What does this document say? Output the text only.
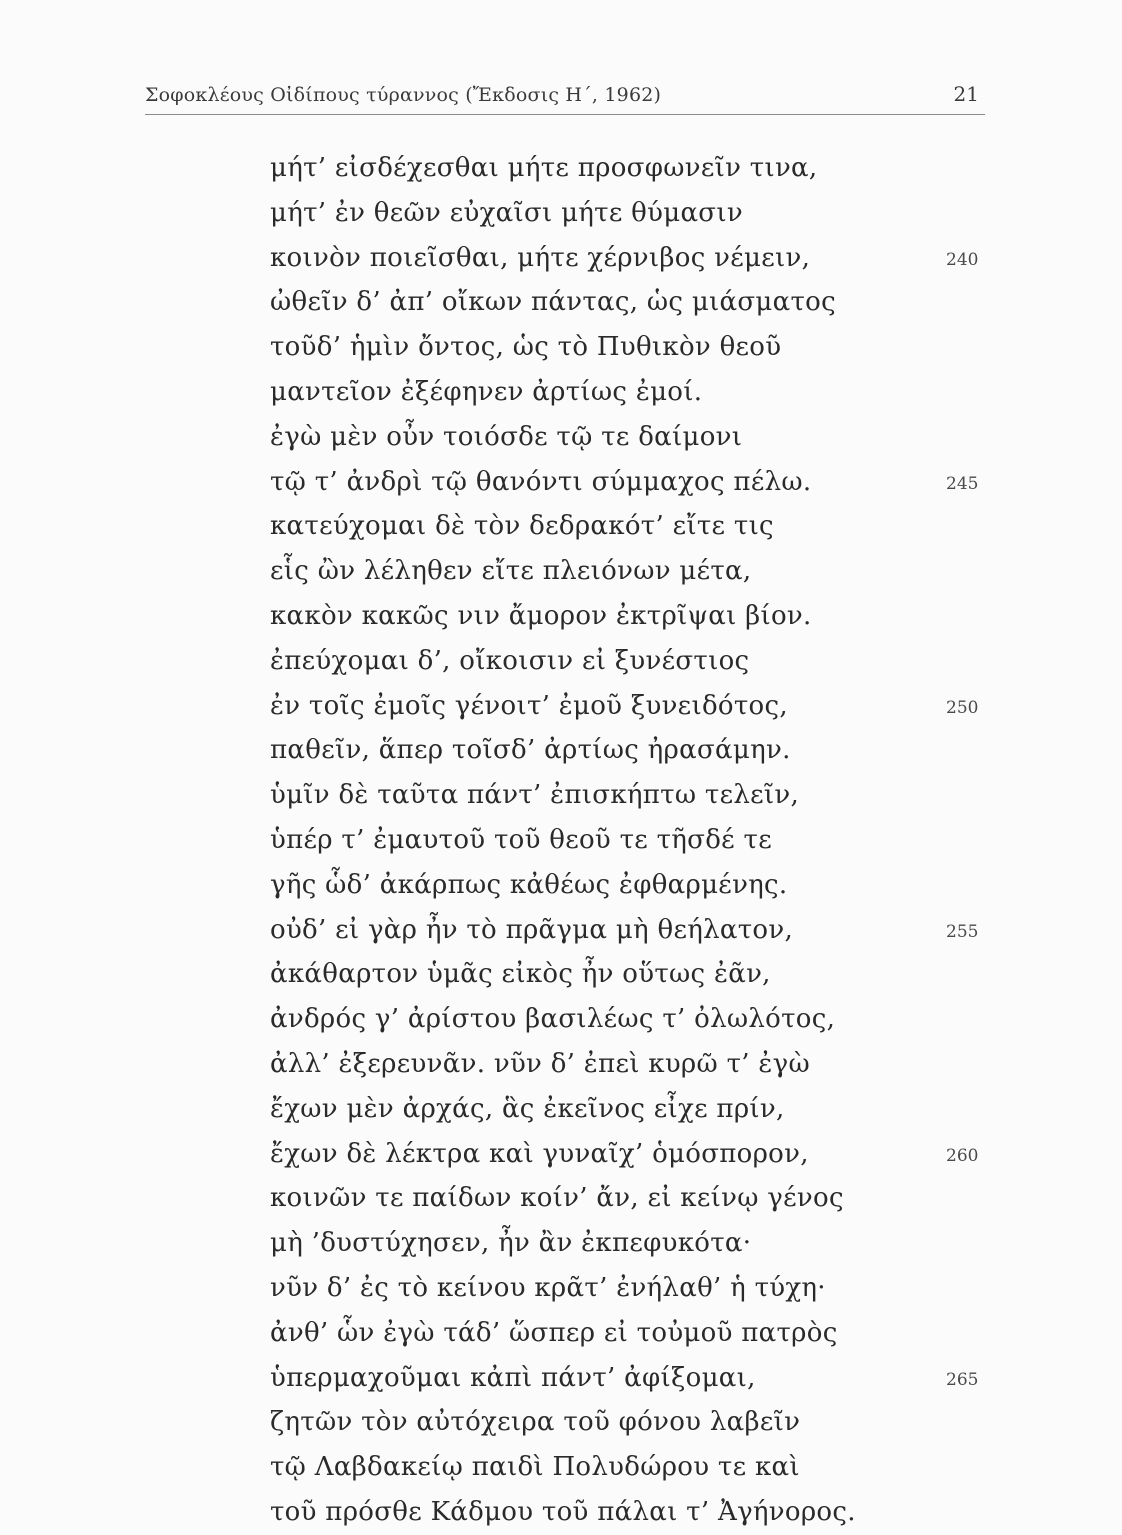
Σοφοκλέους Οἰδίπους τύραννος (Ἔκδοσις Η΄, 1962)	21
μήτ’ εἰσδέχεσθαι μήτε προσφωνεῖν τινα,
μήτ’ ἐν θεῶν εὐχαῖσι μήτε θύμασιν
κοινὸν ποιεῖσθαι, μήτε χέρνιβος νέμειν,	240
ὠθεῖν δ’ ἀπ’ οἴκων πάντας, ὡς μιάσματος
τοῦδ’ ἡμὶν ὄντος, ὡς τὸ Πυθικὸν θεοῦ
μαντεῖον ἐξέφηνεν ἀρτίως ἐμοί.
ἐγὼ μὲν οὖν τοιόσδε τῷ τε δαίμονι
τῷ τ’ ἀνδρὶ τῷ θανόντι σύμμαχος πέλω.	245
κατεύχομαι δὲ τὸν δεδρακότ’ εἴτε τις
εἷς ὢν λέληθεν εἴτε πλειόνων μέτα,
κακὸν κακῶς νιν ἄμορον ἐκτρῖψαι βίον.
ἐπεύχομαι δ’, οἴκοισιν εἰ ξυνέστιος
ἐν τοῖς ἐμοῖς γένοιτ’ ἐμοῦ ξυνειδότος,	250
παθεῖν, ἅπερ τοῖσδ’ ἀρτίως ἠρασάμην.
ὑμῖν δὲ ταῦτα πάντ’ ἐπισκήπτω τελεῖν,
ὑπέρ τ’ ἐμαυτοῦ τοῦ θεοῦ τε τῆσδέ τε
γῆς ὧδ’ ἀκάρπως κἀθέως ἐφθαρμένης.
οὐδ’ εἰ γὰρ ἦν τὸ πρᾶγμα μὴ θεήλατον,	255
ἀκάθαρτον ὑμᾶς εἰκὸς ἦν οὕτως ἐᾶν,
ἀνδρός γ’ ἀρίστου βασιλέως τ’ ὀλωλότος,
ἀλλ’ ἐξερευνᾶν. νῦν δ’ ἐπεὶ κυρῶ τ’ ἐγὼ
ἔχων μὲν ἀρχάς, ἃς ἐκεῖνος εἶχε πρίν,
ἔχων δὲ λέκτρα καὶ γυναῖχ’ ὁμόσπορον,	260
κοινῶν τε παίδων κοίν’ ἄν, εἰ κείνῳ γένος
μὴ ’δυστύχησεν, ἦν ἂν ἐκπεφυκότα·
νῦν δ’ ἐς τὸ κείνου κρᾶτ’ ἐνήλαθ’ ἡ τύχη·
ἀνθ’ ὧν ἐγὼ τάδ’ ὥσπερ εἰ τοὐμοῦ πατρὸς
ὑπερμαχοῦμαι κἀπὶ πάντ’ ἀφίξομαι,	265
ζητῶν τὸν αὐτόχειρα τοῦ φόνου λαβεῖν
τῷ Λαβδακείῳ παιδὶ Πολυδώρου τε καὶ
τοῦ πρόσθε Κάδμου τοῦ πάλαι τ’ Ἀγήνορος.
